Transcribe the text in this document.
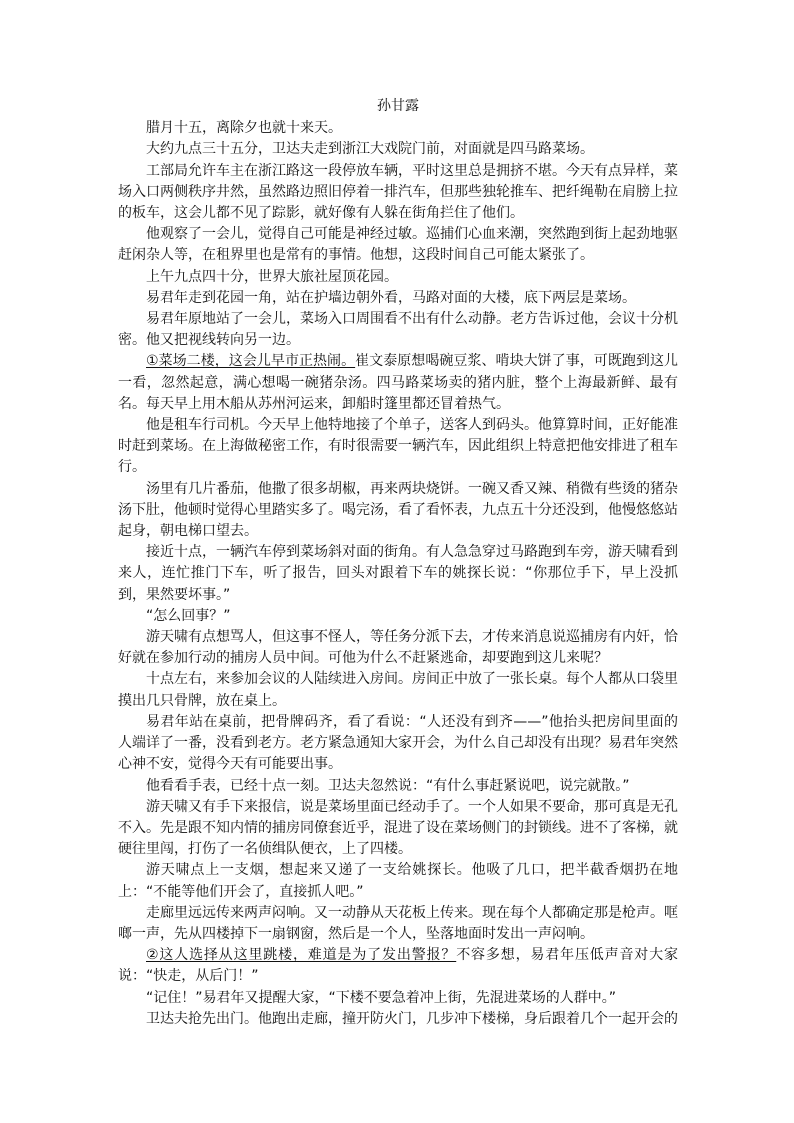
孙甘露

腊月十五，离除夕也就十来天。

大约九点三十五分，卫达夫走到浙江大戏院门前，对面就是四马路菜场。

工部局允许车主在浙江路这一段停放车辆，平时这里总是拥挤不堪。今天有点异样，菜场入口两侧秩序井然，虽然路边照旧停着一排汽车，但那些独轮推车、把纤绳勒在肩膀上拉的板车，这会儿都不见了踪影，就好像有人躲在街角拦住了他们。

他观察了一会儿，觉得自己可能是神经过敏。巡捕们心血来潮，突然跑到街上起劲地驱赶闲杂人等，在租界里也是常有的事情。他想，这段时间自己可能太紧张了。

上午九点四十分，世界大旅社屋顶花园。

易君年走到花园一角，站在护墙边朝外看，马路对面的大楼，底下两层是菜场。

易君年原地站了一会儿，菜场入口周围看不出有什么动静。老方告诉过他，会议十分机密。他又把视线转向另一边。

①菜场二楼，这会儿早市正热闹。崔文泰原想喝碗豆浆、啃块大饼了事，可既跑到这儿一看，忽然起意，满心想喝一碗猪杂汤。四马路菜场卖的猪内脏，整个上海最新鲜、最有名。每天早上用木船从苏州河运来，卸船时篷里都还冒着热气。

他是租车行司机。今天早上他特地接了个单子，送客人到码头。他算算时间，正好能准时赶到菜场。在上海做秘密工作，有时很需要一辆汽车，因此组织上特意把他安排进了租车行。

汤里有几片番茄，他撒了很多胡椒，再来两块烧饼。一碗又香又辣、稍微有些烫的猪杂汤下肚，他顿时觉得心里踏实多了。喝完汤，看了看怀表，九点五十分还没到，他慢悠悠站起身，朝电梯口望去。

接近十点，一辆汽车停到菜场斜对面的街角。有人急急穿过马路跑到车旁，游天啸看到来人，连忙推门下车，听了报告，回头对跟着下车的姚探长说：“你那位手下，早上没抓到，果然要坏事。”

“怎么回事？”

游天啸有点想骂人，但这事不怪人，等任务分派下去，才传来消息说巡捕房有内奸，恰好就在参加行动的捕房人员中间。可他为什么不赶紧逃命，却要跑到这儿来呢？

十点左右，来参加会议的人陆续进入房间。房间正中放了一张长桌。每个人都从口袋里摸出几只骨牌，放在桌上。

易君年站在桌前，把骨牌码齐，看了看说：“人还没有到齐——”他抬头把房间里面的人端详了一番，没看到老方。老方紧急通知大家开会，为什么自己却没有出现？易君年突然心神不安，觉得今天有可能要出事。

他看看手表，已经十点一刻。卫达夫忽然说：“有什么事赶紧说吧，说完就散。”

游天啸又有手下来报信，说是菜场里面已经动手了。一个人如果不要命，那可真是无孔不入。先是跟不知内情的捕房同僚套近乎，混进了设在菜场侧门的封锁线。进不了客梯，就硬往里闯，打伤了一名侦缉队便衣，上了四楼。

游天啸点上一支烟，想起来又递了一支给姚探长。他吸了几口，把半截香烟扔在地上：“不能等他们开会了，直接抓人吧。”

走廊里远远传来两声闷响。又一动静从天花板上传来。现在每个人都确定那是枪声。哐啷一声，先从四楼掉下一扇钢窗，然后是一个人，坠落地面时发出一声闷响。

②这人选择从这里跳楼，难道是为了发出警报？不容多想，易君年压低声音对大家说：“快走，从后门！”

“记住！”易君年又提醒大家，“下楼不要急着冲上街，先混进菜场的人群中。”

卫达夫抢先出门。他跑出走廊，撞开防火门，几步冲下楼梯，身后跟着几个一起开会的
